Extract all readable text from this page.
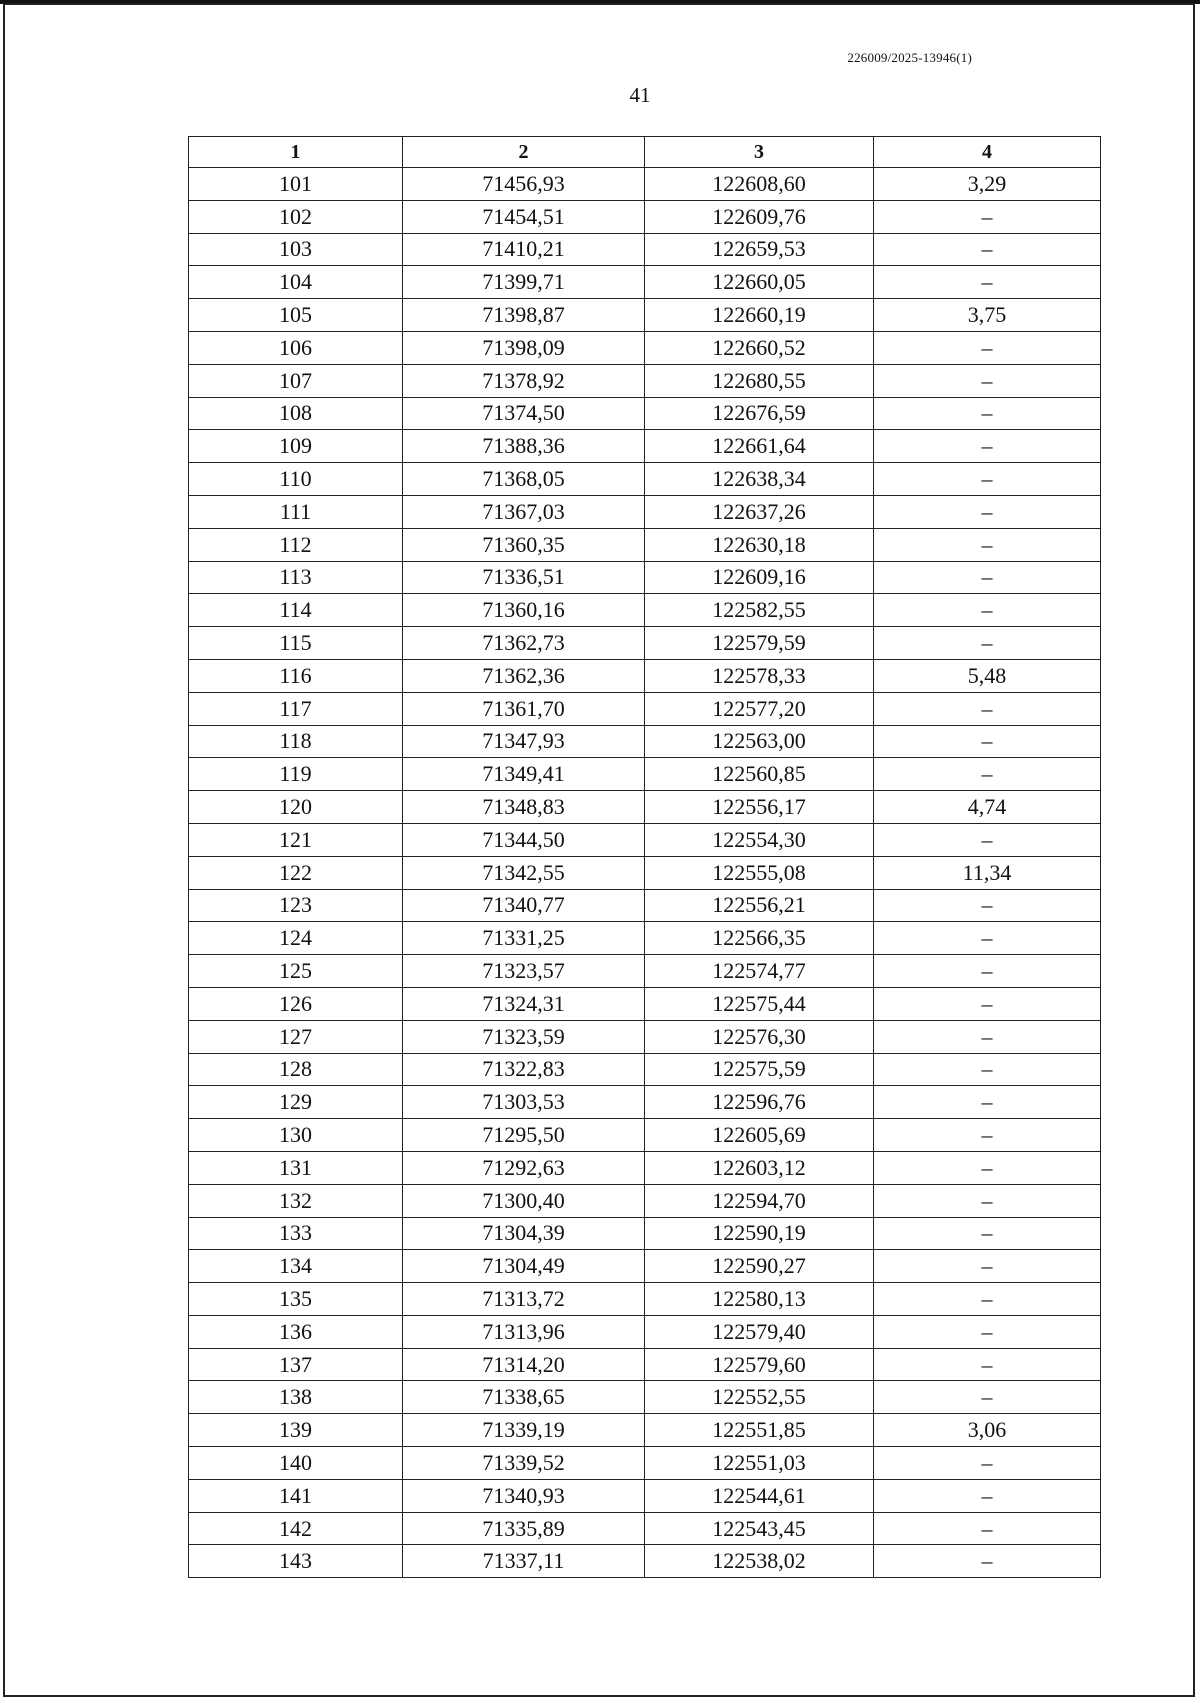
226009/2025-13946(1)
41
1	2	3	4
101	71456,93	122608,60	3,29
102	71454,51	122609,76	–
103	71410,21	122659,53	–
104	71399,71	122660,05	–
105	71398,87	122660,19	3,75
106	71398,09	122660,52	–
107	71378,92	122680,55	–
108	71374,50	122676,59	–
109	71388,36	122661,64	–
110	71368,05	122638,34	–
111	71367,03	122637,26	–
112	71360,35	122630,18	–
113	71336,51	122609,16	–
114	71360,16	122582,55	–
115	71362,73	122579,59	–
116	71362,36	122578,33	5,48
117	71361,70	122577,20	–
118	71347,93	122563,00	–
119	71349,41	122560,85	–
120	71348,83	122556,17	4,74
121	71344,50	122554,30	–
122	71342,55	122555,08	11,34
123	71340,77	122556,21	–
124	71331,25	122566,35	–
125	71323,57	122574,77	–
126	71324,31	122575,44	–
127	71323,59	122576,30	–
128	71322,83	122575,59	–
129	71303,53	122596,76	–
130	71295,50	122605,69	–
131	71292,63	122603,12	–
132	71300,40	122594,70	–
133	71304,39	122590,19	–
134	71304,49	122590,27	–
135	71313,72	122580,13	–
136	71313,96	122579,40	–
137	71314,20	122579,60	–
138	71338,65	122552,55	–
139	71339,19	122551,85	3,06
140	71339,52	122551,03	–
141	71340,93	122544,61	–
142	71335,89	122543,45	–
143	71337,11	122538,02	–
